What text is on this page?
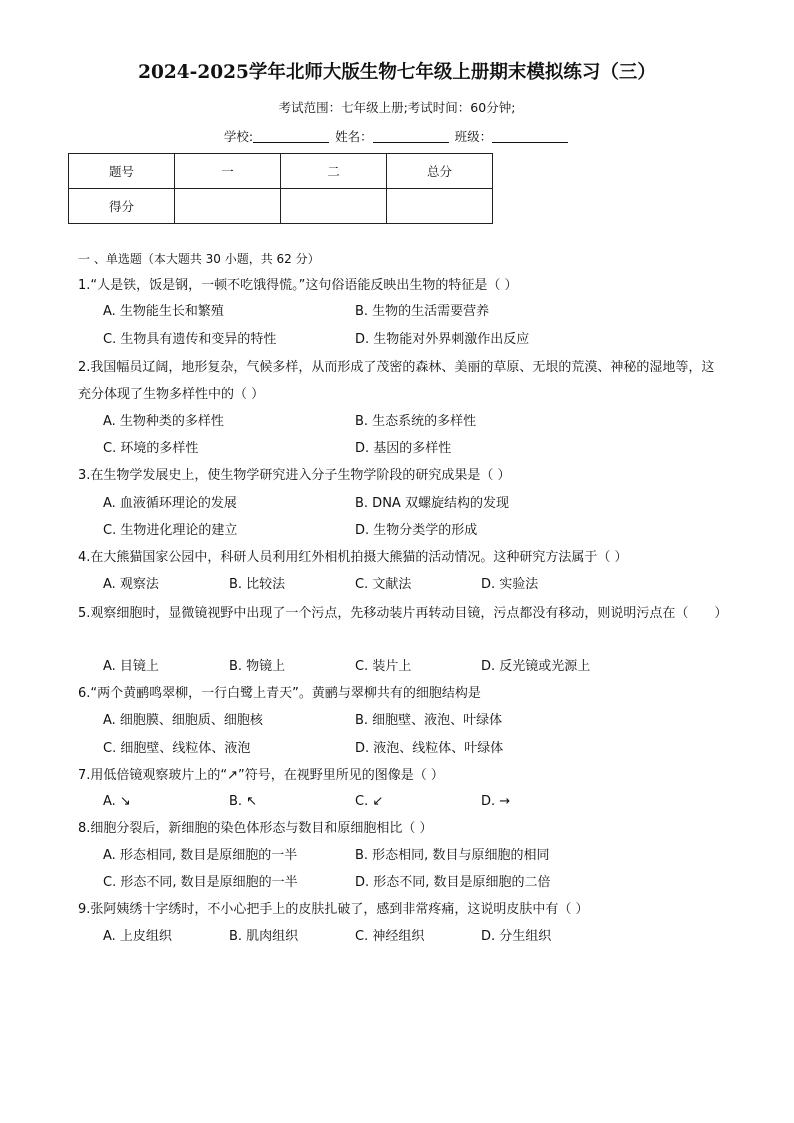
2024-2025学年北师大版生物七年级上册期末模拟练习（三）
考试范围：七年级上册;考试时间：60分钟;
学校:	姓名：	班级：
题号	一	二	总分
得分			
一 、单选题（本大题共 30 小题，共 62 分）
1.“人是铁，饭是钢，一顿不吃饿得慌。”这句俗语能反映出生物的特征是（ ）
A. 生物能生长和繁殖	B. 生物的生活需要营养
C. 生物具有遗传和变异的特性	D. 生物能对外界刺激作出反应
2.我国幅员辽阔，地形复杂，气候多样，从而形成了茂密的森林、美丽的草原、无垠的荒漠、神秘的湿地等，这充分体现了生物多样性中的（ ）
A. 生物种类的多样性	B. 生态系统的多样性
C. 环境的多样性	D. 基因的多样性
3.在生物学发展史上，使生物学研究进入分子生物学阶段的研究成果是（ ）
A. 血液循环理论的发展	B. DNA 双螺旋结构的发现
C. 生物进化理论的建立	D. 生物分类学的形成
4.在大熊猫国家公园中，科研人员利用红外相机拍摄大熊猫的活动情况。这种研究方法属于（ ）
A. 观察法	B. 比较法	C. 文献法	D. 实验法
5.观察细胞时，显微镜视野中出现了一个污点，先移动装片再转动目镜，污点都没有移动，则说明污点在（　　）
A. 目镜上	B. 物镜上	C. 装片上	D. 反光镜或光源上
6.“两个黄鹂鸣翠柳，一行白鹭上青天”。黄鹂与翠柳共有的细胞结构是
A. 细胞膜、细胞质、细胞核	B. 细胞壁、液泡、叶绿体
C. 细胞壁、线粒体、液泡	D. 液泡、线粒体、叶绿体
7.用低倍镜观察玻片上的“↗”符号，在视野里所见的图像是（ ）
A. ↘	B. ↖	C. ↙	D. →
8.细胞分裂后，新细胞的染色体形态与数目和原细胞相比（ ）
A. 形态相同, 数目是原细胞的一半	B. 形态相同, 数目与原细胞的相同
C. 形态不同, 数目是原细胞的一半	D. 形态不同, 数目是原细胞的二倍
9.张阿姨绣十字绣时，不小心把手上的皮肤扎破了，感到非常疼痛，这说明皮肤中有（ ）
A. 上皮组织	B. 肌肉组织	C. 神经组织	D. 分生组织
